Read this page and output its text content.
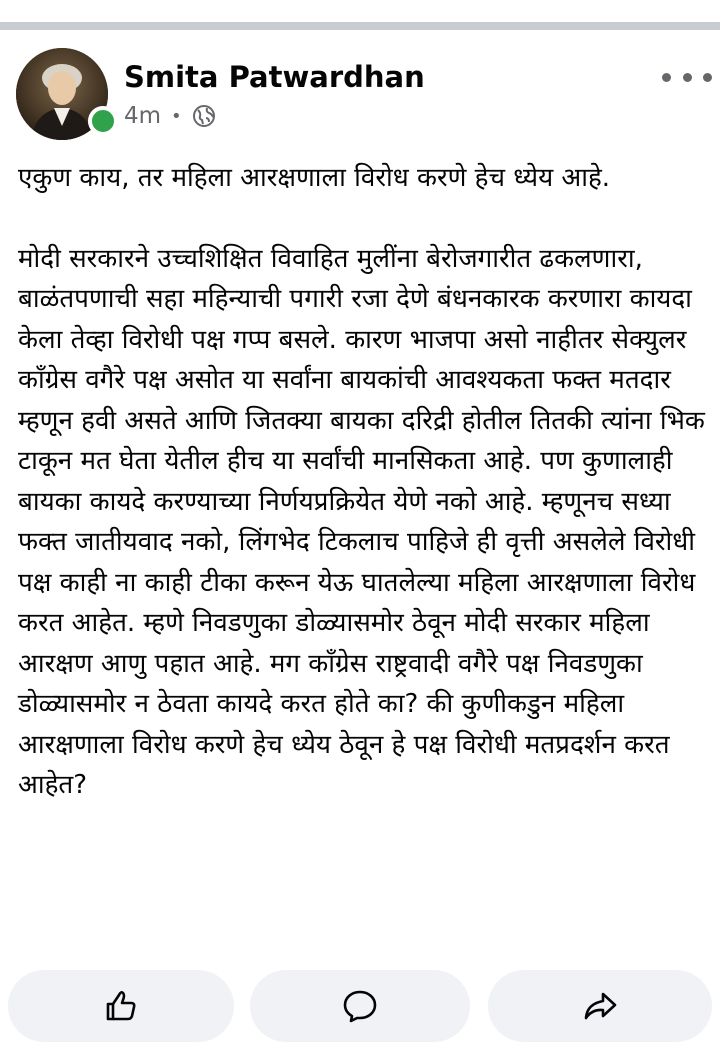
Smita Patwardhan
4m •

एकुण काय, तर महिला आरक्षणाला विरोध करणे हेच ध्येय आहे.

मोदी सरकारने उच्चशिक्षित विवाहित मुलींना बेरोजगारीत ढकलणारा, बाळंतपणाची सहा महिन्याची पगारी रजा देणे बंधनकारक करणारा कायदा केला तेव्हा विरोधी पक्ष गप्प बसले. कारण भाजपा असो नाहीतर सेक्युलर काँग्रेस वगैरे पक्ष असोत या सर्वांना बायकांची आवश्यकता फक्त मतदार म्हणून हवी असते आणि जितक्या बायका दरिद्री होतील तितकी त्यांना भिक टाकून मत घेता येतील हीच या सर्वांची मानसिकता आहे. पण कुणालाही बायका कायदे करण्याच्या निर्णयप्रक्रियेत येणे नको आहे. म्हणूनच सध्या फक्त जातीयवाद नको, लिंगभेद टिकलाच पाहिजे ही वृत्ती असलेले विरोधी पक्ष काही ना काही टीका करून येऊ घातलेल्या महिला आरक्षणाला विरोध करत आहेत. म्हणे निवडणुका डोळ्यासमोर ठेवून मोदी सरकार महिला आरक्षण आणु पहात आहे. मग काँग्रेस राष्ट्रवादी वगैरे पक्ष निवडणुका डोळ्यासमोर न ठेवता कायदे करत होते का? की कुणीकडुन महिला आरक्षणाला विरोध करणे हेच ध्येय ठेवून हे पक्ष विरोधी मतप्रदर्शन करत आहेत?
